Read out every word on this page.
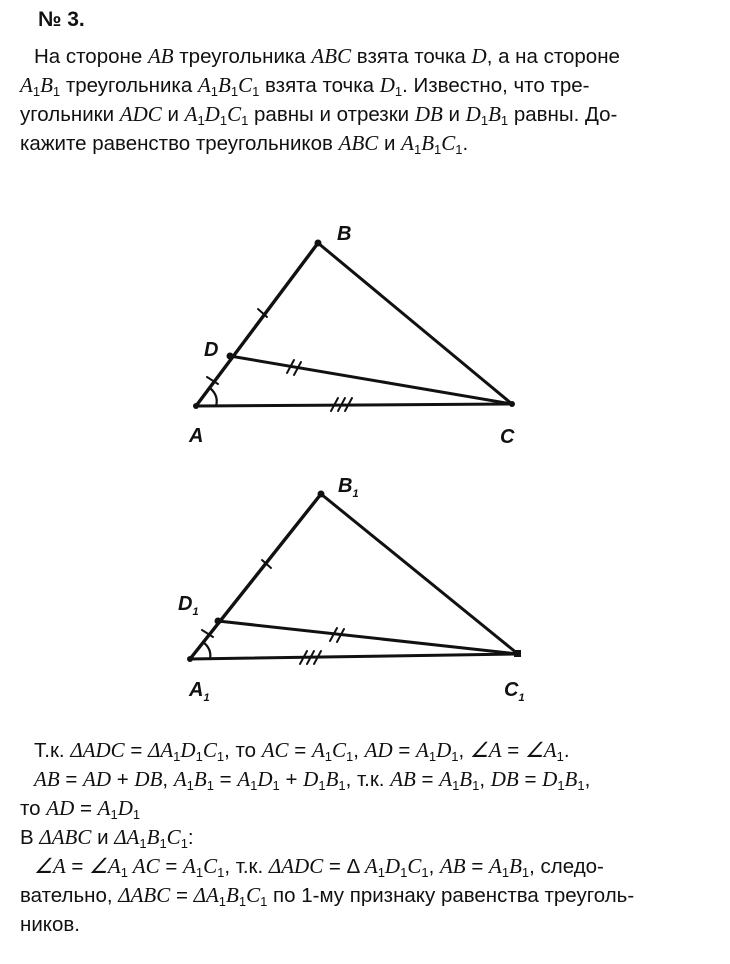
№ 3.
На стороне AB треугольника ABC взята точка D, а на стороне
$A_1B_1$ треугольника $A_1B_1C_1$ взята точка $D_1$. Известно, что тре-
угольники ADC и $A_1D_1C_1$ равны и отрезки DB и $D_1B_1$ равны. До-
кажите равенство треугольников ABC и $A_1B_1C_1$.
B
D
A	C
$B_1$
$D_1$
$A_1$	$C_1$
Т.к. $\Delta ADC = \Delta A_1D_1C_1$, то AC = $A_1C_1$, AD = $A_1D_1$, ∠A = $\angle A_1$.
AB = AD + DB, $A_1B_1 = A_1D_1 + D_1B_1$, т.к. AB = $A_1B_1$, DB = $D_1B_1$,
то AD = $A_1D_1$
В ΔABC и $\Delta A_1B_1C_1$:
∠A = $\angle A_1$ AC = $A_1C_1$, т.к. ΔADC = Δ $A_1D_1C_1$, AB = $A_1B_1$, следо-
вательно, $\Delta ABC = \Delta A_1B_1C_1$ по 1-му признаку равенства треуголь-
ников.
